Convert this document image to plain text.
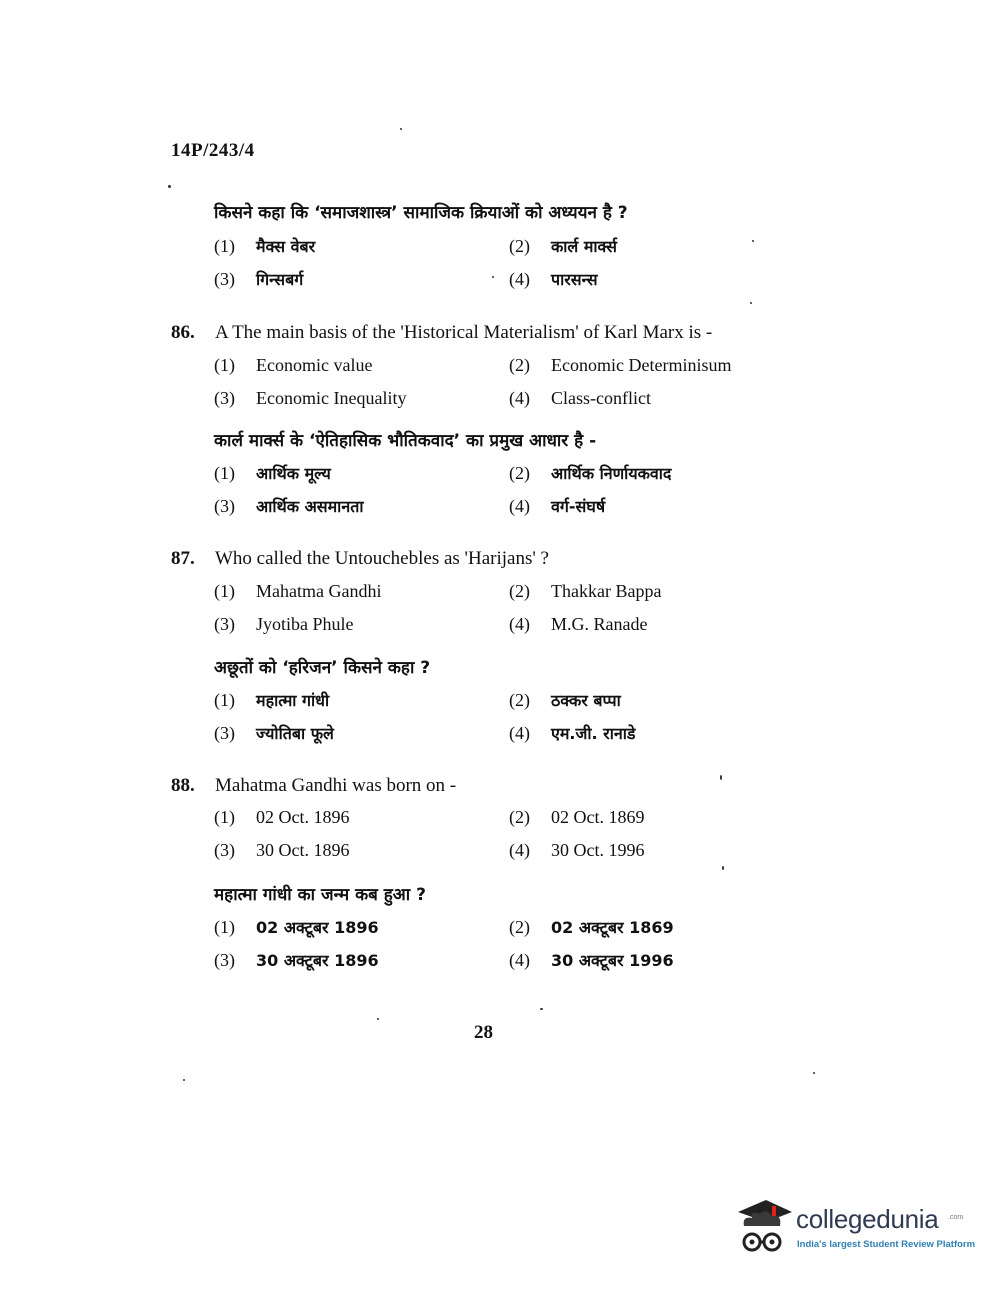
14P/243/4
किसने कहा कि ‘समाजशास्त्र’ सामाजिक क्रियाओं को अध्ययन है ?
(1) मैक्स वेबर	(2) कार्ल मार्क्स
(3) गिन्सबर्ग	(4) पारसन्स
86. A The main basis of the 'Historical Materialism' of Karl Marx is -
(1) Economic value	(2) Economic Determinisum
(3) Economic Inequality	(4) Class-conflict
कार्ल मार्क्स के ‘ऐतिहासिक भौतिकवाद’ का प्रमुख आधार है -
(1) आर्थिक मूल्य	(2) आर्थिक निर्णायकवाद
(3) आर्थिक असमानता	(4) वर्ग-संघर्ष
87. Who called the Untouchebles as 'Harijans' ?
(1) Mahatma Gandhi	(2) Thakkar Bappa
(3) Jyotiba Phule	(4) M.G. Ranade
अछूतों को ‘हरिजन’ किसने कहा ?
(1) महात्मा गांधी	(2) ठक्कर बप्पा
(3) ज्योतिबा फूले	(4) एम.जी. रानाडे
88. Mahatma Gandhi was born on -
(1) 02 Oct. 1896	(2) 02 Oct. 1869
(3) 30 Oct. 1896	(4) 30 Oct. 1996
महात्मा गांधी का जन्म कब हुआ ?
(1) 02 अक्टूबर 1896	(2) 02 अक्टूबर 1869
(3) 30 अक्टूबर 1896	(4) 30 अक्टूबर 1996
28
collegedunia .com
India's largest Student Review Platform
